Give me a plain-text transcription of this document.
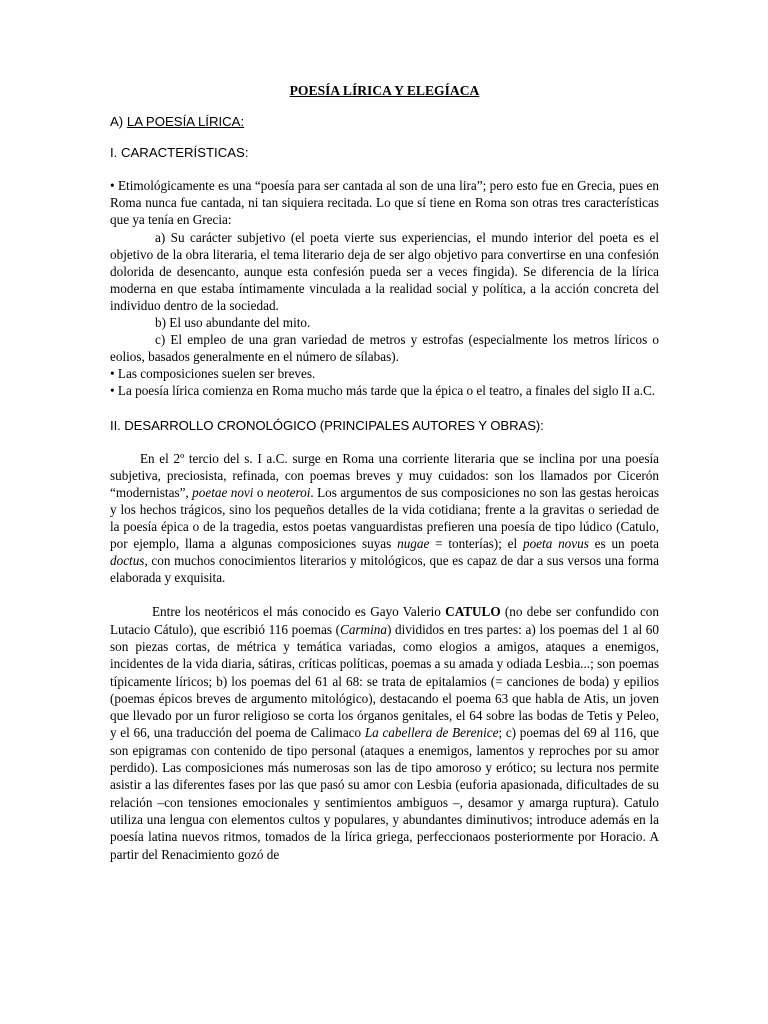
POESÍA LÍRICA Y ELEGÍACA
A) LA POESÍA LÍRICA:
I. CARACTERÍSTICAS:

• Etimológicamente es una “poesía para ser cantada al son de una lira”; pero esto fue en Grecia, pues en Roma nunca fue cantada, ni tan siquiera recitada. Lo que sí tiene en Roma son otras tres características que ya tenía en Grecia:

a) Su carácter subjetivo (el poeta vierte sus experiencias, el mundo interior del poeta es el objetivo de la obra literaria, el tema literario deja de ser algo objetivo para convertirse en una confesión dolorida de desencanto, aunque esta confesión pueda ser a veces fingida). Se diferencia de la lírica moderna en que estaba íntimamente vinculada a la realidad social y política, a la acción concreta del individuo dentro de la sociedad.

b) El uso abundante del mito.

c) El empleo de una gran variedad de metros y estrofas (especialmente los metros líricos o eolios, basados generalmente en el número de sílabas).

• Las composiciones suelen ser breves.

• La poesía lírica comienza en Roma mucho más tarde que la épica o el teatro, a finales del siglo II a.C.

II. DESARROLLO CRONOLÓGICO (PRINCIPALES AUTORES Y OBRAS):

En el 2º tercio del s. I a.C. surge en Roma una corriente literaria que se inclina por una poesía subjetiva, preciosista, refinada, con poemas breves y muy cuidados: son los llamados por Cicerón “modernistas”, poetae novi o neoteroi. Los argumentos de sus composiciones no son las gestas heroicas y los hechos trágicos, sino los pequeños detalles de la vida cotidiana; frente a la gravitas o seriedad de la poesía épica o de la tragedia, estos poetas vanguardistas prefieren una poesía de tipo lúdico (Catulo, por ejemplo, llama a algunas composiciones suyas nugae = tonterías); el poeta novus es un poeta doctus, con muchos conocimientos literarios y mitológicos, que es capaz de dar a sus versos una forma elaborada y exquisita.

Entre los neotéricos el más conocido es Gayo Valerio CATULO (no debe ser confundido con Lutacio Cátulo), que escribió 116 poemas (Carmina) divididos en tres partes: a) los poemas del 1 al 60 son piezas cortas, de métrica y temática variadas, como elogios a amigos, ataques a enemigos, incidentes de la vida diaria, sátiras, críticas políticas, poemas a su amada y odiada Lesbia...; son poemas típicamente líricos; b) los poemas del 61 al 68: se trata de epitalamios (= canciones de boda) y epilios (poemas épicos breves de argumento mitológico), destacando el poema 63 que habla de Atis, un joven que llevado por un furor religioso se corta los órganos genitales, el 64 sobre las bodas de Tetis y Peleo, y el 66, una traducción del poema de Calimaco La cabellera de Berenice; c) poemas del 69 al 116, que son epigramas con contenido de tipo personal (ataques a enemigos, lamentos y reproches por su amor perdido). Las composiciones más numerosas son las de tipo amoroso y erótico; su lectura nos permite asistir a las diferentes fases por las que pasó su amor con Lesbia (euforia apasionada, dificultades de su relación –con tensiones emocionales y sentimientos ambiguos –, desamor y amarga ruptura). Catulo utiliza una lengua con elementos cultos y populares, y abundantes diminutivos; introduce además en la poesía latina nuevos ritmos, tomados de la lírica griega, perfeccionaos posteriormente por Horacio. A partir del Renacimiento gozó de
